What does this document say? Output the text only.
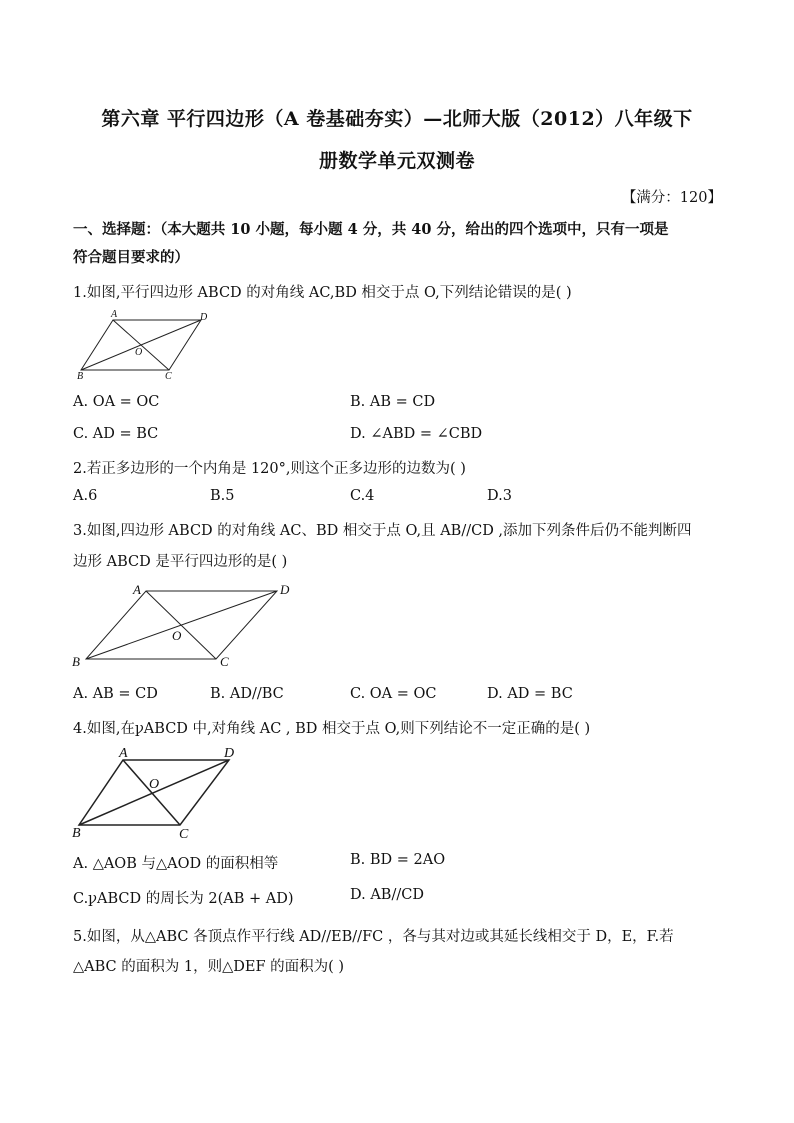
第六章 平行四边形（A 卷基础夯实）—北师大版（2012）八年级下
册数学单元双测卷
【满分：120】
一、选择题：（本大题共 10 小题，每小题 4 分，共 40 分，给出的四个选项中，只有一项是
符合题目要求的）
1.如图,平行四边形 ABCD 的对角线 AC,BD 相交于点 O,下列结论错误的是( )
A	D
O
B	C
A. OA = OC	B. AB = CD
C. AD = BC	D. ∠ABD = ∠CBD
2.若正多边形的一个内角是 120°,则这个正多边形的边数为( )
A.6	B.5	C.4	D.3
3.如图,四边形 ABCD 的对角线 AC、BD 相交于点 O,且 AB//CD ,添加下列条件后仍不能判断四
边形 ABCD 是平行四边形的是( )
A	D
O
B	C
A. AB = CD	B. AD//BC	C. OA = OC	D. AD = BC
4.如图,在ꝩABCD 中,对角线 AC , BD 相交于点 O,则下列结论不一定正确的是( )
A	D
O
B	C
A. △AOB 与△AOD 的面积相等	B. BD = 2AO
C.ꝩABCD 的周长为 2(AB + AD)	D. AB//CD
5.如图，从△ABC 各顶点作平行线 AD//EB//FC ，各与其对边或其延长线相交于 D，E，F.若
△ABC 的面积为 1，则△DEF 的面积为( )
